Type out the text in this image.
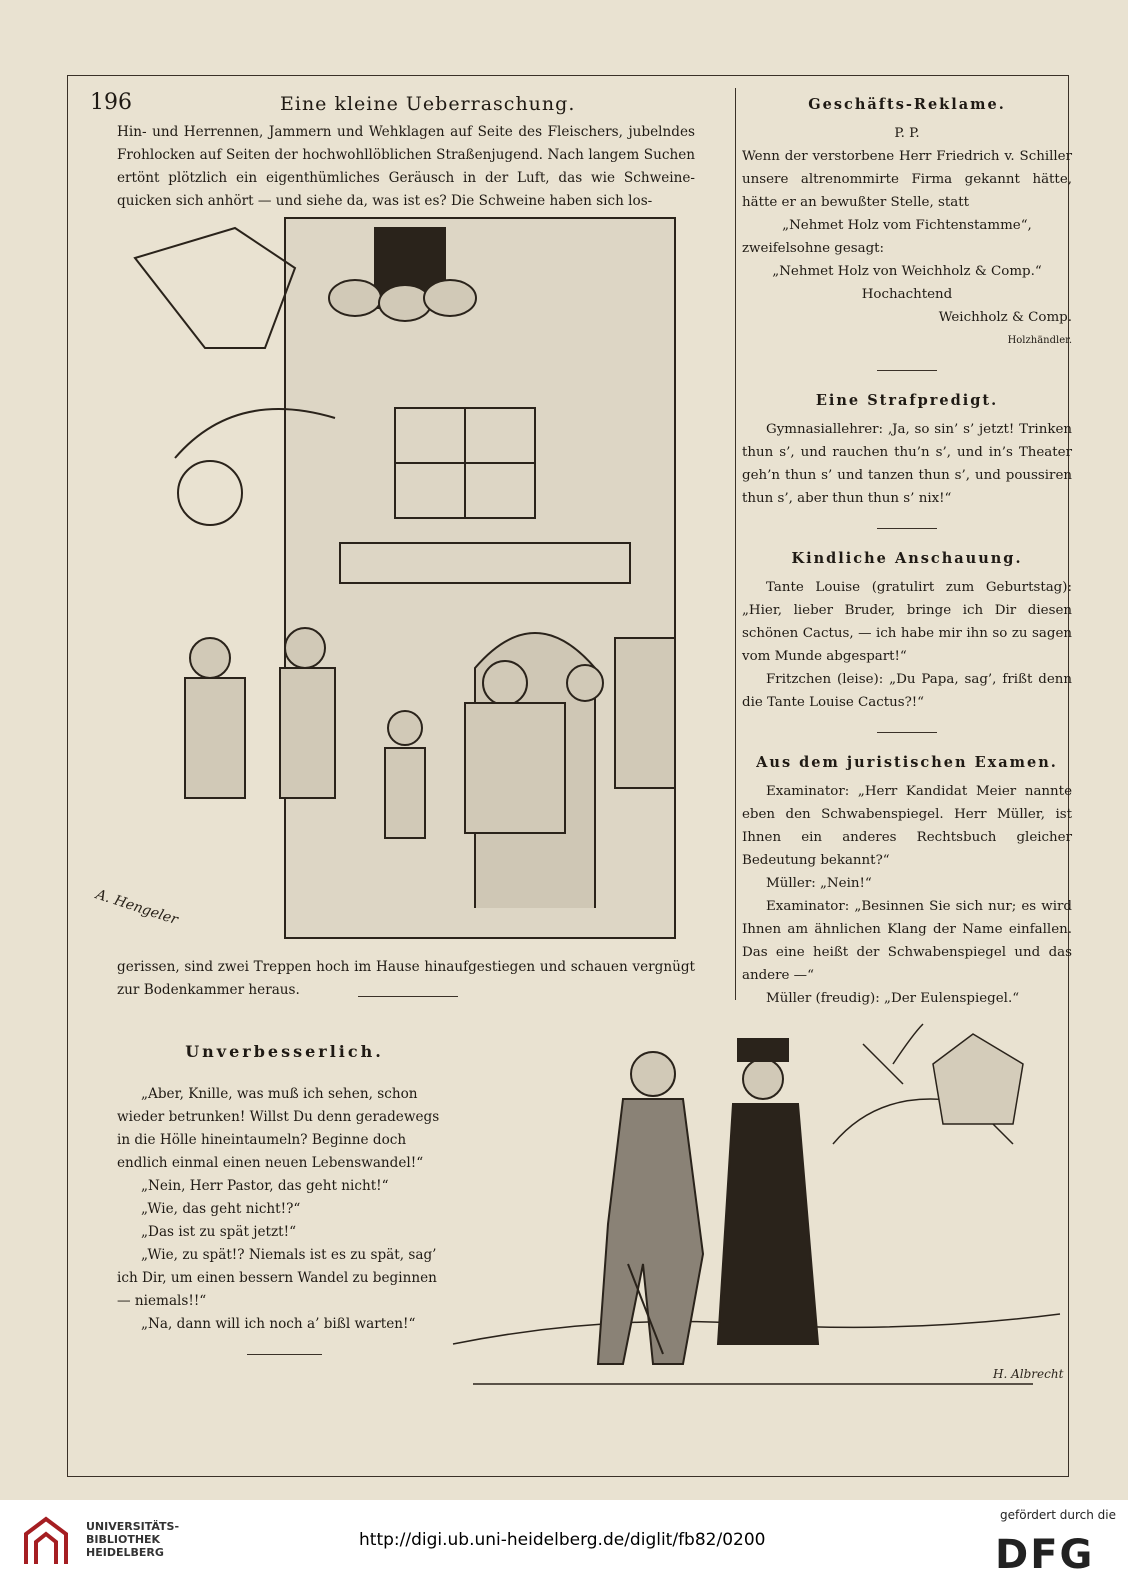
196	Eine kleine Ueberraschung.
Hin- und Herrennen, Jammern und Wehklagen auf Seite des Fleischers, jubelndes Frohlocken auf Seiten der hochwohllöblichen Straßenjugend. Nach langem Suchen ertönt plötzlich ein eigenthümliches Geräusch in der Luft, das wie Schweine-quicken sich anhört — und siehe da, was ist es? Die Schweine haben sich los-
A. Hengeler
gerissen, sind zwei Treppen hoch im Hause hinaufgestiegen und schauen vergnügt zur Bodenkammer heraus.
Geschäfts-Reklame.
P. P.
Wenn der verstorbene Herr Friedrich v. Schiller unsere altrenommirte Firma gekannt hätte, hätte er an bewußter Stelle, statt
„Nehmet Holz vom Fichtenstamme“,
zweifelsohne gesagt:
„Nehmet Holz von Weichholz & Comp.“
Hochachtend
Weichholz & Comp.
Holzhändler.
Eine Strafpredigt.
Gymnasiallehrer: ‚Ja, so sin’ s’ jetzt! Trinken thun s’, und rauchen thu’n s’, und in’s Theater geh’n thun s’ und tanzen thun s’, und poussiren thun s’, aber thun thun s’ nix!“
Kindliche Anschauung.
Tante Louise (gratulirt zum Geburtstag): „Hier, lieber Bruder, bringe ich Dir diesen schönen Cactus, — ich habe mir ihn so zu sagen vom Munde abgespart!“
Fritzchen (leise): „Du Papa, sag’, frißt denn die Tante Louise Cactus?!“
Aus dem juristischen Examen.
Examinator: „Herr Kandidat Meier nannte eben den Schwabenspiegel. Herr Müller, ist Ihnen ein anderes Rechtsbuch gleicher Bedeutung bekannt?“
Müller: „Nein!“
Examinator: „Besinnen Sie sich nur; es wird Ihnen am ähnlichen Klang der Name einfallen. Das eine heißt der Schwabenspiegel und das andere —“
Müller (freudig): „Der Eulenspiegel.“
Unverbesserlich.
„Aber, Knille, was muß ich sehen, schon wieder betrunken! Willst Du denn geradewegs in die Hölle hineintaumeln? Beginne doch endlich einmal einen neuen Lebenswandel!“
„Nein, Herr Pastor, das geht nicht!“
„Wie, das geht nicht!?“
„Das ist zu spät jetzt!“
„Wie, zu spät!? Niemals ist es zu spät, sag’ ich Dir, um einen bessern Wandel zu beginnen — niemals!!“
„Na, dann will ich noch a’ bißl warten!“
H. Albrecht
UNIVERSITÄTS-
BIBLIOTHEK
HEIDELBERG
http://digi.ub.uni-heidelberg.de/diglit/fb82/0200
gefördert durch die
DFG
